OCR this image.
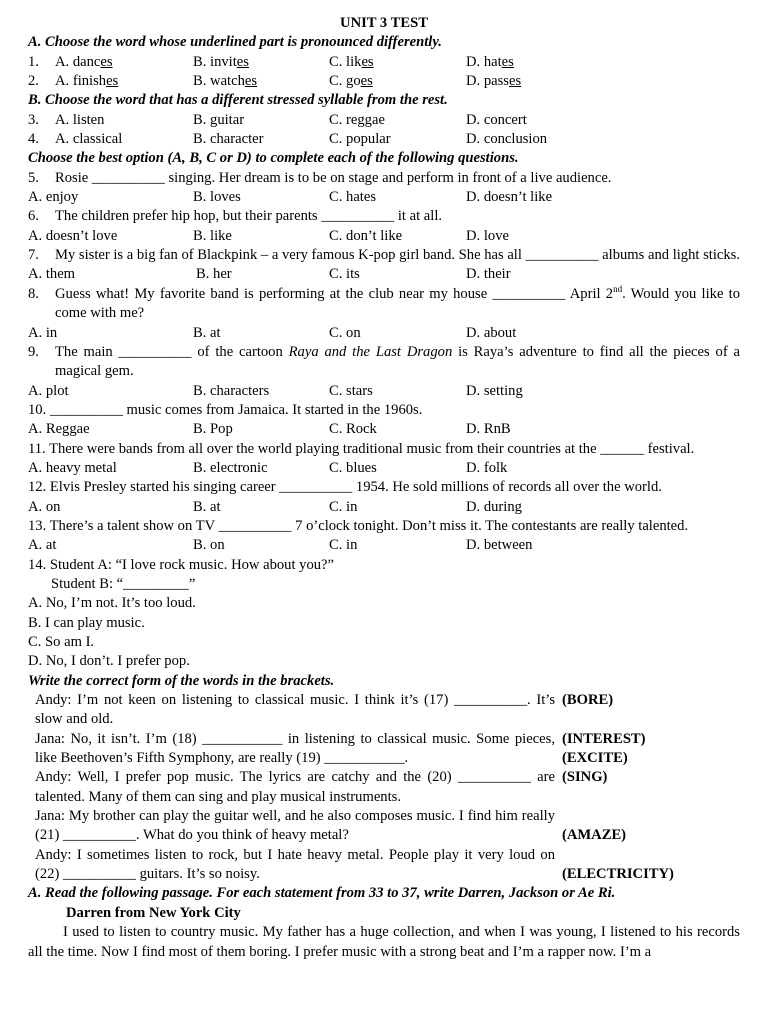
UNIT 3 TEST
A. Choose the word whose underlined part is pronounced differently.
1. A. dances	B. invites	C. likes	D. hates
2. A. finishes	B. watches	C. goes	D. passes
B. Choose the word that has a different stressed syllable from the rest.
3. A. listen	B. guitar	C. reggae	D. concert
4. A. classical	B. character	C. popular	D. conclusion
Choose the best option (A, B, C or D) to complete each of the following questions.
5. Rosie __________ singing. Her dream is to be on stage and perform in front of a live audience.
A. enjoy	B. loves	C. hates	D. doesn’t like
6. The children prefer hip hop, but their parents __________ it at all.
A. doesn’t love	B. like	C. don’t like	D. love
7. My sister is a big fan of Blackpink – a very famous K-pop girl band. She has all __________ albums and light sticks.
A. them	B. her	C. its	D. their
8. Guess what! My favorite band is performing at the club near my house __________ April 2nd. Would you like to come with me?
A. in	B. at	C. on	D. about
9. The main __________ of the cartoon Raya and the Last Dragon is Raya’s adventure to find all the pieces of a magical gem.
A. plot	B. characters	C. stars	D. setting
10. __________ music comes from Jamaica. It started in the 1960s.
A. Reggae	B. Pop	C. Rock	D. RnB
11. There were bands from all over the world playing traditional music from their countries at the ______ festival.
A. heavy metal	B. electronic	C. blues	D. folk
12. Elvis Presley started his singing career __________ 1954. He sold millions of records all over the world.
A. on	B. at	C. in	D. during
13. There’s a talent show on TV __________ 7 o’clock tonight. Don’t miss it. The contestants are really talented.
A. at	B. on	C. in	D. between
14. Student A: “I love rock music. How about you?”
Student B: “_________”
A. No, I’m not. It’s too loud.
B. I can play music.
C. So am I.
D. No, I don’t. I prefer pop.
Write the correct form of the words in the brackets.
Andy: I’m not keen on listening to classical music. I think it’s (17) __________. It’s slow and old.
(BORE)
Jana: No, it isn’t. I’m (18) ___________ in listening to classical music. Some pieces, like Beethoven’s Fifth Symphony, are really (19) ___________.
(INTEREST)
(EXCITE)
Andy: Well, I prefer pop music. The lyrics are catchy and the (20) __________ are talented. Many of them can sing and play musical instruments.
(SING)
Jana: My brother can play the guitar well, and he also composes music. I find him really (21) __________. What do you think of heavy metal?	(AMAZE)
Andy: I sometimes listen to rock, but I hate heavy metal. People play it very loud on (22) __________ guitars. It’s so noisy.	(ELECTRICITY)
A. Read the following passage. For each statement from 33 to 37, write Darren, Jackson or Ae Ri.
Darren from New York City
I used to listen to country music. My father has a huge collection, and when I was young, I listened to his records all the time. Now I find most of them boring. I prefer music with a strong beat and I’m a rapper now. I’m a
